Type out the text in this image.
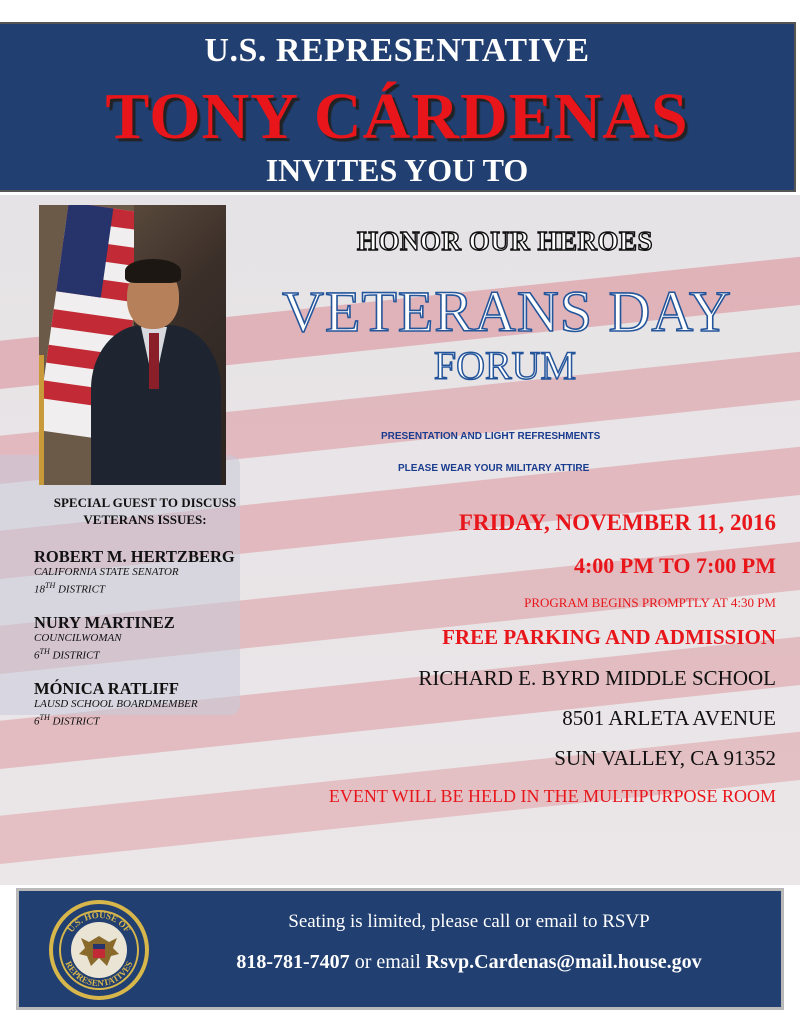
U.S. REPRESENTATIVE
TONY CÁRDENAS
INVITES YOU TO
SPECIAL GUEST TO DISCUSS
VETERANS ISSUES:
ROBERT M. HERTZBERG
CALIFORNIA STATE SENATOR
18TH DISTRICT
NURY MARTINEZ
COUNCILWOMAN
6TH DISTRICT
MÓNICA RATLIFF
LAUSD SCHOOL BOARDMEMBER
6TH DISTRICT
HONOR OUR HEROES
VETERANS DAY
FORUM
PRESENTATION AND LIGHT REFRESHMENTS
PLEASE WEAR YOUR MILITARY ATTIRE
FRIDAY, NOVEMBER 11, 2016
4:00 PM TO 7:00 PM
PROGRAM BEGINS PROMPTLY AT 4:30 PM
FREE PARKING AND ADMISSION
RICHARD E. BYRD MIDDLE SCHOOL
8501 ARLETA AVENUE
SUN VALLEY, CA 91352
EVENT WILL BE HELD IN THE MULTIPURPOSE ROOM
U.S. HOUSE OF
REPRESENTATIVES
Seating is limited, please call or email to RSVP
818-781-7407 or email Rsvp.Cardenas@mail.house.gov
